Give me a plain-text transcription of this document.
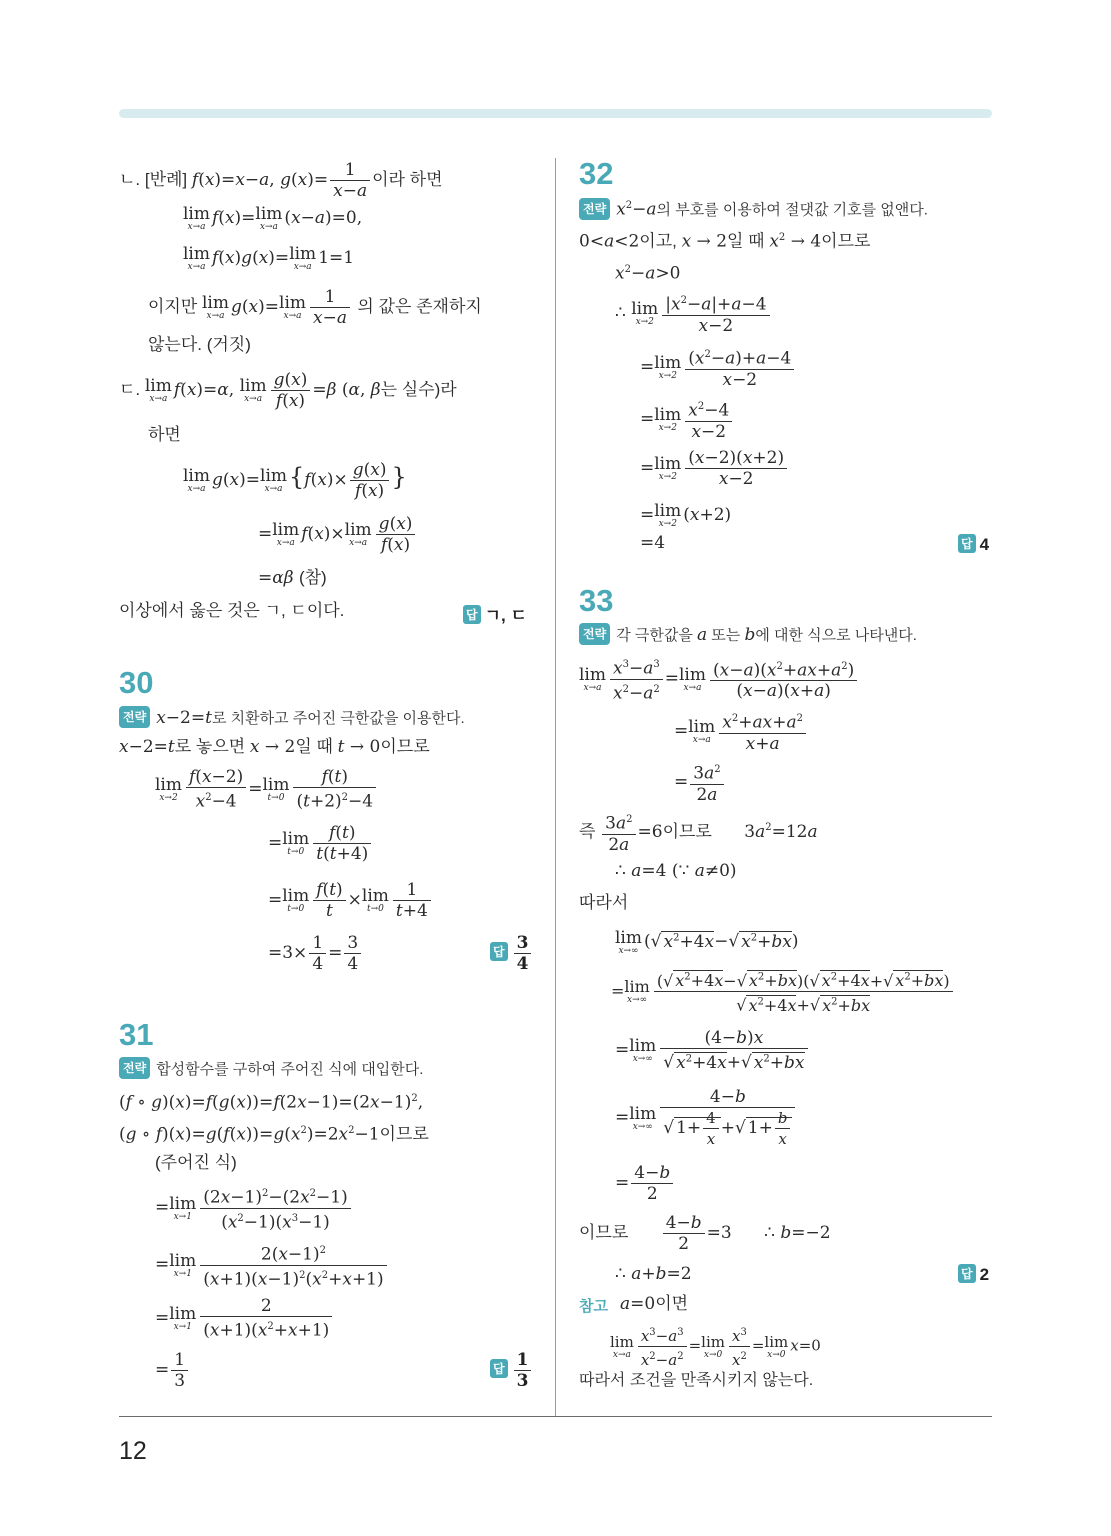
12
ㄴ. [반례] f(x)=x−a, $g(x)= \frac{1}{x-a}$ 이라 하면
lim
x→a f(x)= lim
x→a (x−a)=0,
lim
x→a f(x)g(x)= lim
x→a 1=1
이지만 lim
x→a g(x)= lim
$x\to a \frac{1}{x-a}$ 의 값은 존재하지
않는다. (거짓)
ㄷ. lim
x→a f(x)=α, lim
$x\to a \frac{g(x)}{f(x)} =\beta$ (α, β는 실수)라
하면
lim
x→a g(x)= lim
x→a {$f(x)\times \frac{g(x)}{f(x)}$ }
= lim
x→a f(x)× lim
$x\to a \frac{g(x)}{f(x)}$
=αβ (참)
이상에서 옳은 것은 ㄱ, ㄷ이다.	답 ㄱ, ㄷ
30
전략 x−2=t로 치환하고 주어진 극한값을 이용한다.
x−2=t로 놓으면 x → 2일 때 t → 0이므로
lim
$x\to 2 \frac{f(x-2)}{x^2-4} = \lim$
$t\to 0 \frac{f(t)}{(t+2)^2-4}$
= lim
$t\to 0 \frac{f(t)}{t(t+4)}$
= lim
$t\to 0 \frac{f(t)}{t} \times \lim$
$t\to 0 \frac{1}{t+4}$
$=3\times \frac{1}{4} = \frac{3}{4}$	답 $\frac{3}{4}$
31
전략 합성함수를 구하여 주어진 식에 대입한다.
(f ∘ $g)(x)=f(g(x))=f(2x-1)=(2x-1)^2$,
(g ∘ $f)(x)=g(f(x))=g(x^2)=2x^2-1$이므로
(주어진 식)
= lim
$x\to 1 \frac{(2x-1)^2-(2x^2-1)}{(x^2-1)(x^3-1)}$
= lim
$x\to 1 \frac{2(x-1)^2}{(x+1)(x-1)^2(x^2+x+1)}$
= lim
$x\to 1 \frac{2}{(x+1)(x^2+x+1)}$
= $\frac{1}{3}$	답 $\frac{1}{3}$
32
전략 $x^2-a$의 부호를 이용하여 절댓값 기호를 없앤다.
0<a<2이고, x → 2일 때 $x^2 \to 4$이므로
$x^2-a>0$
∴ lim
$x\to 2 \frac{|x^2-a|+a-4}{x-2}$
= lim
$x\to 2 \frac{(x^2-a)+a-4}{x-2}$
= lim
$x\to 2 \frac{x^2-4}{x-2}$
= lim
$x\to 2 \frac{(x-2)(x+2)}{x-2}$
= lim
x→2 (x+2)
=4	답 4
33
전략 각 극한값을 a 또는 b에 대한 식으로 나타낸다.
lim
$x\to a \frac{x^3-a^3}{x^2-a^2} = \lim$
$x\to a \frac{(x-a)(x^2+ax+a^2)}{(x-a)(x+a)}$
= lim
$x\to a \frac{x^2+ax+a^2}{x+a}$
= $\frac{3a^2}{2a}$
즉 $\frac{3a^2}{2a} =6$이므로      $3a^2=12a$
∴ a=4 (∵ a≠0)
따라서
lim
x→∞ (√ $x^2+4x-√$ $x^2+bx$)
= lim
$x\to\infty \frac{(√ x^2+4x-√ x^2+bx)(√ x^2+4x+√ x^2+bx)}{√ x^2+4x+√ x^2+bx}$
= lim
$x\to\infty \frac{(4-b)x}{√ x^2+4x+√ x^2+bx}$
= lim
$x\to\infty \frac{4-b}{√ 1+ \frac{4}{x} +√ 1+ \frac{b}{x}}$
= $\frac{4-b}{2}$
이므로 $\frac{4-b}{2} =3$      ∴ b=−2
∴ a+b=2	답 2
참고 a=0이면
lim
$x\to a \frac{x^3-a^3}{x^2-a^2} = \lim$
$x\to 0 \frac{x^3}{x^2} = \lim$
x→0
x=0
따라서 조건을 만족시키지 않는다.
